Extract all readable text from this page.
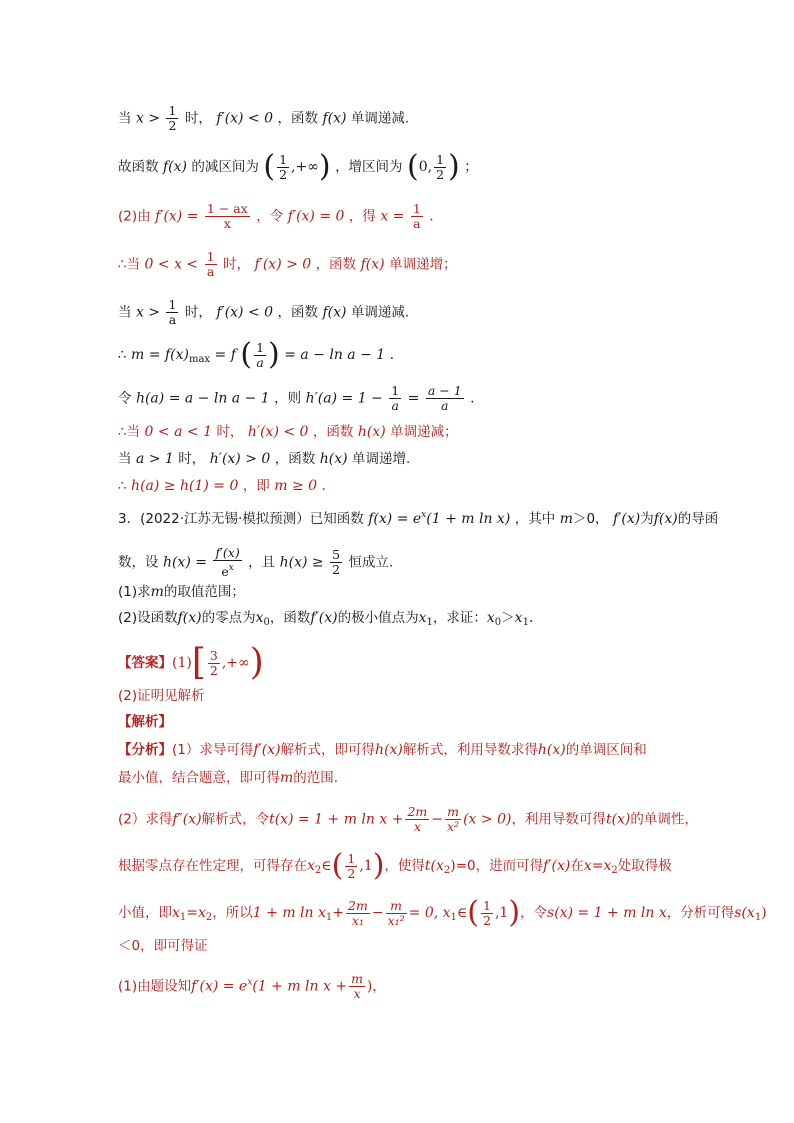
当 $x > \frac{1}{2}$ 时， f′(x) < 0 ，函数 f(x) 单调递减.
故函数 f(x) 的减区间为 ( $\frac{1}{2}$ ,+∞) ，增区间为 (0, $\frac{1}{2}$ ) ；
(2)由 $f'(x) = \frac{1 - ax}{x}$ ，令 f′(x) = 0 ，得 $x = \frac{1}{a}$ .
∴当 $0 < x < \frac{1}{a}$ 时， f′(x) > 0 ，函数 f(x) 单调递增；
当 $x > \frac{1}{a}$ 时， f′(x) < 0 ，函数 f(x) 单调递减.
∴ $m = f(x)_{max} = f$ ( $\frac{1}{a}$ ) = a − ln a − 1 .
令 h(a) = a − ln a − 1 ，则 $h'(a) = 1 - \frac{1}{a} = \frac{a - 1}{a}$ .
∴当 0 < a < 1 时， h′(x) < 0 ，函数 h(x) 单调递减；
当 a > 1 时， h′(x) > 0 ，函数 h(x) 单调递增.
∴ h(a) ≥ h(1) = 0 ，即 m ≥ 0 .
3．(2022·江苏无锡·模拟预测）已知函数 $f(x) = e^x(1 + m$ ln x) ，其中 m＞0， f′(x)为f(x)的导函
数，设 $h(x) = \frac{f'(x)}{e^x}$ ，且 $h(x) \ge \frac{5}{2}$ 恒成立.
(1)求m的取值范围；
(2)设函数f(x)的零点为$x_0$，函数f′(x)的极小值点为$x_1$，求证：$x_0>x_1$.
【答案】$(1)[ \frac{3}{2}$ ,+∞)
(2)证明见解析
【解析】
【分析】(1）求导可得f′(x)解析式，即可得h(x)解析式，利用导数求得h(x)的单调区间和
最小值，结合题意，即可得m的范围.
(2）求得f″(x)解析式，令t(x) = 1 + m $\ln x + \frac{2m}{x} - \frac{m}{\text{x²}} (x > 0)$，利用导数可得t(x)的单调性，
根据零点存在性定理，可得存在$x_2\in( \frac{1}{2} ,1)$，使得$t(x_2)=0$，进而可得f′(x)在$x=x_2$处取得极
小值，即$x_1=x_2$，所以1 + m $\ln x_1+ \frac{2m}{\text{x₁}} - \frac{m}{\text{x₁²}} = 0$, $x_1\in( \frac{1}{2} ,1)$，令s(x) = 1 + m ln x，分析可得$s(x_1)$
＜0，即可得证
(1)由题设知$f'(x) = e^x(1 + m$ $\ln x + \frac{m}{x}$ )，
